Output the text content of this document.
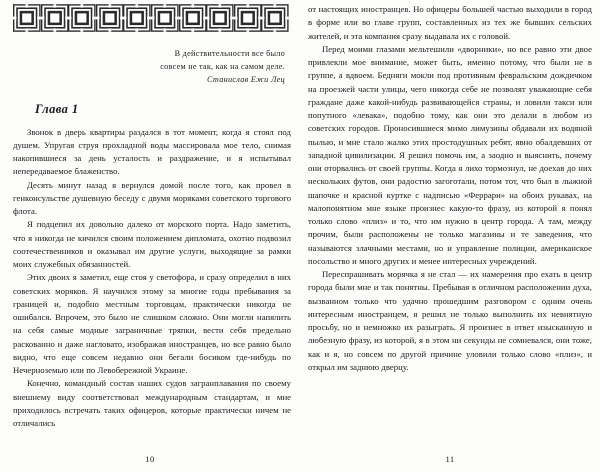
В действительности все было
совсем не так, как на самом деле.
Станислав Ежи Лец
Глава 1

Звонок в дверь квартиры раздался в тот момент, когда я стоял под душем. Упругая струя прохладной воды массировала мое тело, снимая накопившиеся за день усталость и раздражение, и я испытывал непередаваемое блаженство.

Десять минут назад я вернулся домой после того, как провел в генконсульстве душевную беседу с двумя моряками советского торгового флота.

Я подцепил их довольно далеко от морского порта. Надо заметить, что я никогда не кичился своим положением дипломата, охотно подвозил соотечественников и оказывал им другие услуги, выходящие за рамки моих служебных обязанностей.

Этих двоих я заметил, еще стоя у светофора, и сразу определил в них советских моряков. Я научился этому за многие годы пребывания за границей и, подобно местным торговцам, практически никогда не ошибался. Впрочем, это было не слишком сложно. Они могли напялить на себя самые модные заграничные тряпки, вести себя предельно раскованно и даже нагловато, изображая иностранцев, но все равно было видно, что еще совсем недавно они бегали босиком где-нибудь по Нечерноземью или по Левобережной Украине.

Конечно, командный состав наших судов загранплавания по своему внешнему виду соответствовал международным стандартам, и мне приходилось встречать таких офицеров, которые практически ничем не отличались

10

от настоящих иностранцев. Но офицеры большей частью выходили в город в форме или во главе групп, составленных из тех же бывших сельских жителей, и эта компания сразу выдавала их с головой.

Перед моими глазами мельтешили «дворники», но все равно эти двое привлекли мое внимание, может быть, именно потому, что были не в группе, а вдвоем. Бедняги мокли под противным февральским дождичком на проезжей части улицы, чего никогда себе не позволят уважающие себя граждане даже какой-нибудь развивающейся страны, и ловили такси или попутного «левака», подобно тому, как они это делали в любом из советских городов. Проносившиеся мимо лимузины обдавали их водяной пылью, и мне стало жалко этих простодушных ребят, явно обалдевших от западной цивилизации. Я решил помочь им, а заодно и выяснить, почему они оторвались от своей группы. Когда я лихо тормознул, не доехав до них нескольких футов, они радостно загоготали, потом тот, что был в лыжной шапочке и красной куртке с надписью «Феррари» на обоих рукавах, на малопонятном мне языке произнес какую-то фразу, из которой я понял только слово «плиз» и то, что им нужно в центр города. А там, между прочим, были расположены не только магазины и те заведения, что называются злачными местами, но и управление полиции, американское посольство и много других и менее интересных учреждений.

Переспрашивать морячка я не стал — их намерения про ехать в центр города были мне и так понятны. Пребывая в отличном расположении духа, вызванном только что удачно прошедшим разговором с одним очень интересным иностранцем, я решил не только выполнить их невнятную просьбу, но и немножко их разыграть. Я произнес в ответ изысканную и любезную фразу, из которой, я в этом ни секунды не сомневался, они тоже, как и я, но совсем по другой причине уловили только слово «плиз», и открыл им заднюю дверцу.

11
